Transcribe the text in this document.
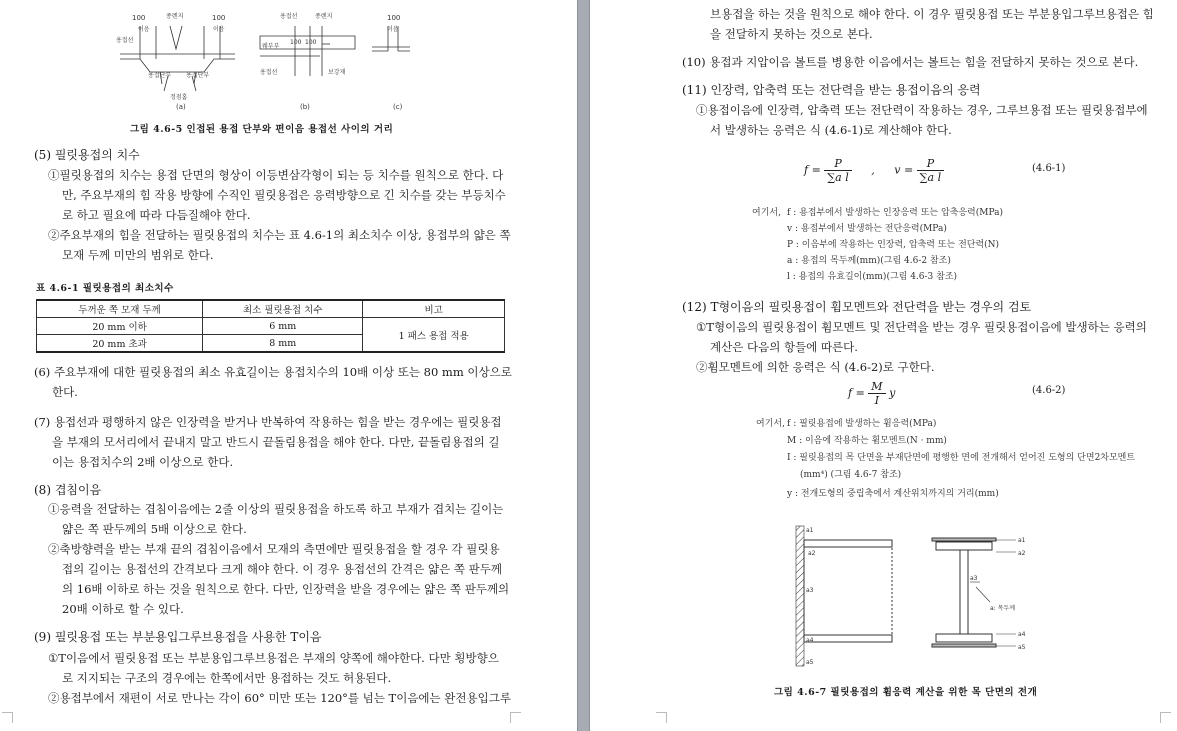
100	100
100 100
100
이음	이음	이음
용접선
용접선
용접선
종렌지	종렌지
용접단부 용접단부
정점홈
보강재
웨부부
(a)	(b)	(c)
그림 4.6-5 인접된 용접 단부와 편이음 용접선 사이의 거리
(5) 필릿용접의 치수
①필릿용접의 치수는 용접 단면의 형상이 이등변삼각형이 되는 등 치수를 원칙으로 한다. 다
만, 주요부재의 힘 작용 방향에 수직인 필릿용접은 응력방향으로 긴 치수를 갖는 부등치수
로 하고 필요에 따라 다듬질해야 한다.
②주요부재의 힘을 전달하는 필릿용접의 치수는 표 4.6-1의 최소치수 이상, 용접부의 얇은 쪽
모재 두께 미만의 범위로 한다.
표 4.6-1 필릿용접의 최소치수
두꺼운 쪽 모재 두께	최소 필릿용접 치수	비고
20 mm 이하	6 mm	1 패스 용접 적용
20 mm 초과	8 mm	
(6) 주요부재에 대한 필릿용접의 최소 유효길이는 용접치수의 10배 이상 또는 80 mm 이상으로
한다.
(7) 용접선과 평행하지 않은 인장력을 받거나 반복하여 작용하는 힘을 받는 경우에는 필릿용접
을 부재의 모서리에서 끝내지 말고 반드시 끝돌림용접을 해야 한다. 다만, 끝돌림용접의 길
이는 용접치수의 2배 이상으로 한다.
(8) 겹침이음
①응력을 전달하는 겹침이음에는 2줄 이상의 필릿용접을 하도록 하고 부재가 겹치는 길이는
얇은 쪽 판두께의 5배 이상으로 한다.
②축방향력을 받는 부재 끝의 겹침이음에서 모재의 측면에만 필릿용접을 할 경우 각 필릿용
접의 길이는 용접선의 간격보다 크게 해야 한다. 이 경우 용접선의 간격은 얇은 쪽 판두께
의 16배 이하로 하는 것을 원칙으로 한다. 다만, 인장력을 받을 경우에는 얇은 쪽 판두께의
20배 이하로 할 수 있다.
(9) 필릿용접 또는 부분용입그루브용접을 사용한 T이음
①T이음에서 필릿용접 또는 부분용입그루브용접은 부재의 양쪽에 해야한다. 다만 횡방향으
로 지지되는 구조의 경우에는 한쪽에서만 용접하는 것도 허용된다.
②용접부에서 재편이 서로 만나는 각이 60° 미만 또는 120°를 넘는 T이음에는 완전용입그루
브용접을 하는 것을 원칙으로 해야 한다. 이 경우 필릿용접 또는 부분용입그루브용접은 힘
을 전달하지 못하는 것으로 본다.
(10) 용접과 지압이음 볼트를 병용한 이음에서는 볼트는 힘을 전달하지 못하는 것으로 본다.
(11) 인장력, 압축력 또는 전단력을 받는 용접이음의 응력
①용접이음에 인장력, 압축력 또는 전단력이 작용하는 경우, 그루브용접 또는 필릿용접부에
서 발생하는 응력은 식 (4.6-1)로 계산해야 한다.
$f = \frac{P}{\text{∑a l}}$ , $v = \frac{P}{\text{∑a l}}$	(4.6-1)
여기서, f : 용접부에서 발생하는 인장응력 또는 압축응력(MPa)
v : 용접부에서 발생하는 전단응력(MPa)
P : 이음부에 작용하는 인장력, 압축력 또는 전단력(N)
a : 용접의 목두께(mm)(그림 4.6-2 참조)
l : 용접의 유효길이(mm)(그림 4.6-3 참조)
(12) T형이음의 필릿용접이 휨모멘트와 전단력을 받는 경우의 검토
①T형이음의 필릿용접이 휨모멘트 및 전단력을 받는 경우 필릿용접이음에 발생하는 응력의
계산은 다음의 항들에 따른다.
②휨모멘트에 의한 응력은 식 (4.6-2)로 구한다.
$f = \frac{M}{I}$ y	(4.6-2)
여기서, f : 필릿용접에 발생하는 휨응력(MPa)
M : 이음에 작용하는 휨모멘트(N · mm)
I : 필릿용접의 목 단면을 부재단면에 평행한 면에 전개해서 얻어진 도형의 단면2차모멘트
(mm⁴) (그림 4.6-7 참조)
y : 전개도형의 중립축에서 계산위치까지의 거리(mm)
a1
a2
a3
a4
a5
a1
a2
a3
a4
a5
a: 목두께
그림 4.6-7 필릿용접의 휨응력 계산을 위한 목 단면의 전개
